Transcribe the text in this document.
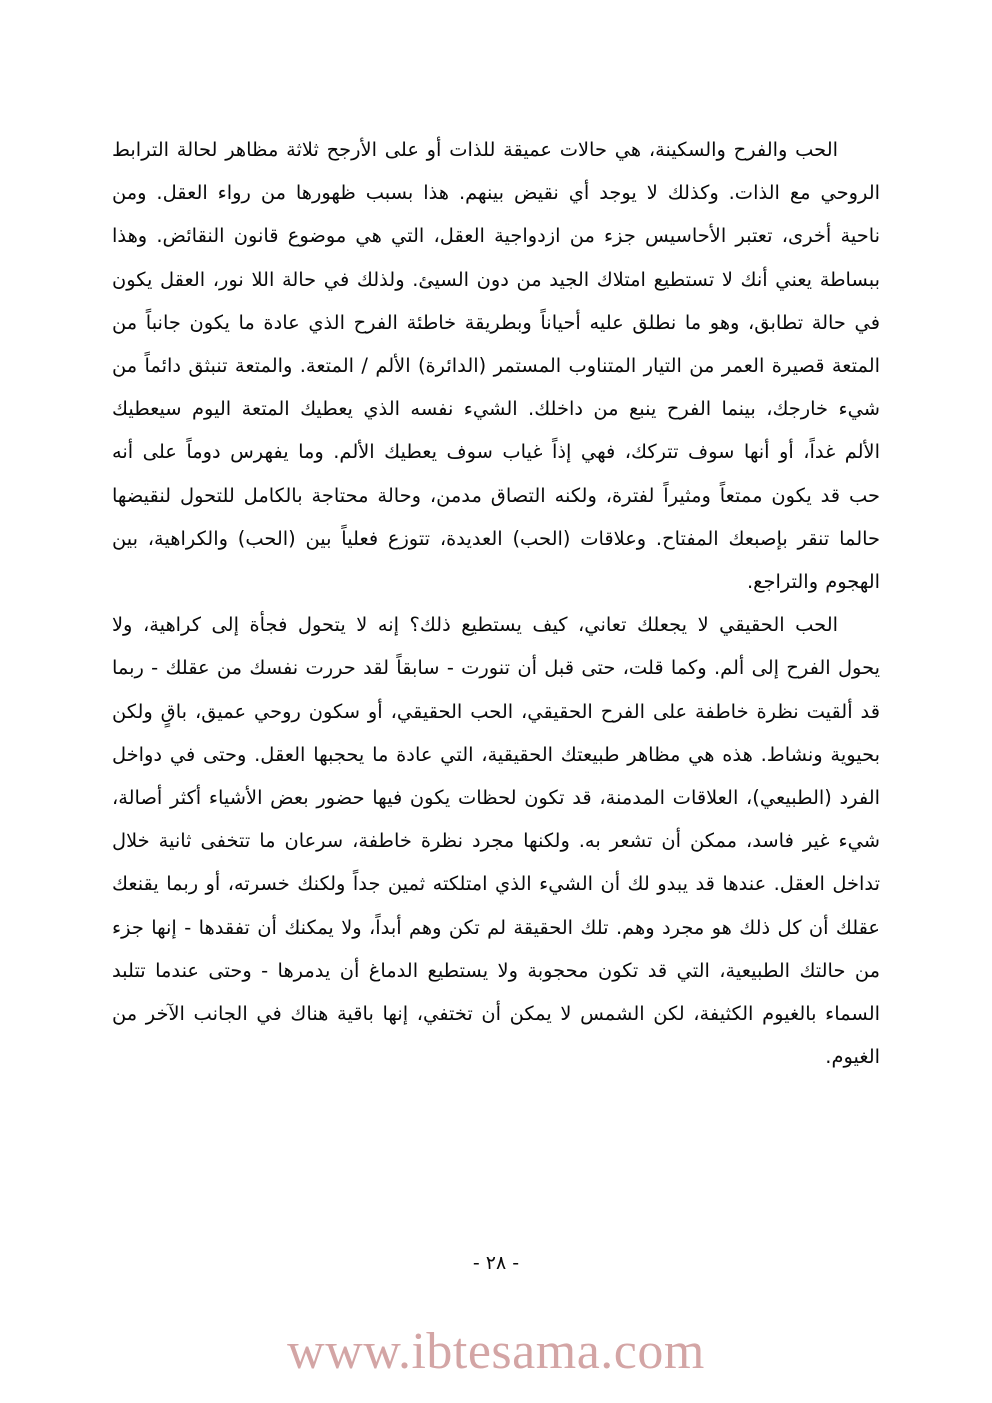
الحب والفرح والسكينة، هي حالات عميقة للذات أو على الأرجح ثلاثة مظاهر لحالة الترابط الروحي مع الذات. وكذلك لا يوجد أي نقيض بينهم. هذا بسبب ظهورها من رواء العقل. ومن ناحية أخرى، تعتبر الأحاسيس جزء من ازدواجية العقل، التي هي موضوع قانون النقائض. وهذا ببساطة يعني أنك لا تستطيع امتلاك الجيد من دون السيئ. ولذلك في حالة اللا نور، العقل يكون في حالة تطابق، وهو ما نطلق عليه أحياناً وبطريقة خاطئة الفرح الذي عادة ما يكون جانباً من المتعة قصيرة العمر من التيار المتناوب المستمر (الدائرة) الألم / المتعة. والمتعة تنبثق دائماً من شيء خارجك، بينما الفرح ينبع من داخلك. الشيء نفسه الذي يعطيك المتعة اليوم سيعطيك الألم غداً، أو أنها سوف تتركك، فهي إذاً غياب سوف يعطيك الألم. وما يفهرس دوماً على أنه حب قد يكون ممتعاً ومثيراً لفترة، ولكنه التصاق مدمن، وحالة محتاجة بالكامل للتحول لنقيضها حالما تنقر بإصبعك المفتاح. وعلاقات (الحب) العديدة، تتوزع فعلياً بين (الحب) والكراهية، بين الهجوم والتراجع.

الحب الحقيقي لا يجعلك تعاني، كيف يستطيع ذلك؟ إنه لا يتحول فجأة إلى كراهية، ولا يحول الفرح إلى ألم. وكما قلت، حتى قبل أن تنورت - سابقاً لقد حررت نفسك من عقلك - ربما قد ألقيت نظرة خاطفة على الفرح الحقيقي، الحب الحقيقي، أو سكون روحي عميق، باقٍ ولكن بحيوية ونشاط. هذه هي مظاهر طبيعتك الحقيقية، التي عادة ما يحجبها العقل. وحتى في دواخل الفرد (الطبيعي)، العلاقات المدمنة، قد تكون لحظات يكون فيها حضور بعض الأشياء أكثر أصالة، شيء غير فاسد، ممكن أن تشعر به. ولكنها مجرد نظرة خاطفة، سرعان ما تتخفى ثانية خلال تداخل العقل. عندها قد يبدو لك أن الشيء الذي امتلكته ثمين جداً ولكنك خسرته، أو ربما يقنعك عقلك أن كل ذلك هو مجرد وهم. تلك الحقيقة لم تكن وهم أبداً، ولا يمكنك أن تفقدها - إنها جزء من حالتك الطبيعية، التي قد تكون محجوبة ولا يستطيع الدماغ أن يدمرها - وحتى عندما تتلبد السماء بالغيوم الكثيفة، لكن الشمس لا يمكن أن تختفي، إنها باقية هناك في الجانب الآخر من الغيوم.

- ٢٨ -
www.ibtesama.com
